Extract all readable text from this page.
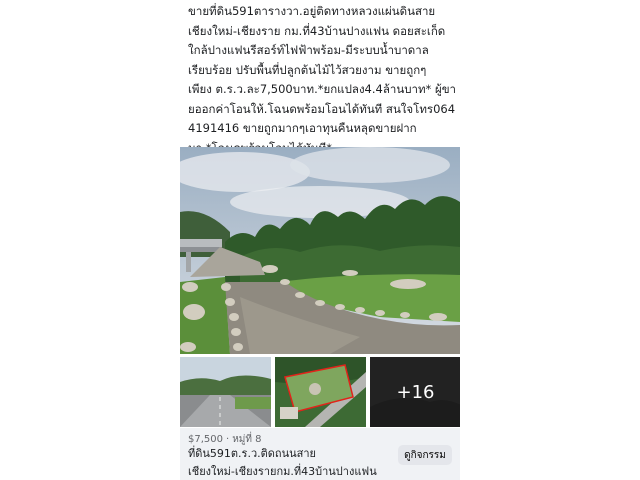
ขายที่ดิน591ตารางวา.อยู่ติดทางหลวงแผ่นดินสาย
เชียงใหม่-เชียงราย กม.ที่43บ้านปางแฟน ดอยสะเก็ด
ใกล้ปางแฟนรีสอร์ท์ไฟฟ้าพร้อม-มีระบบน้ำบาดาล
เรียบร้อย ปรับพื้นที่ปลูกต้นไม้ไว้สวยงาม ขายถูกๆ
เพียง ต.ร.ว.ละ7,500บาท.*ยกแปลง4.4ล้านบาท* ผู้ขา
ยออกค่าโอนให้.โฉนดพร้อมโอนได้ทันที สนใจโทร064
4191416 ขายถูกมากๆเอาทุนคืนหลุดขายฝาก

+16
$7,500 · หมู่ที่ 8
ที่ดิน591ต.ร.ว.ติดถนนสาย
เชียงใหม่-เชียงรายกม.ที่43บ้านปางแฟน
ดูกิจกรรม
